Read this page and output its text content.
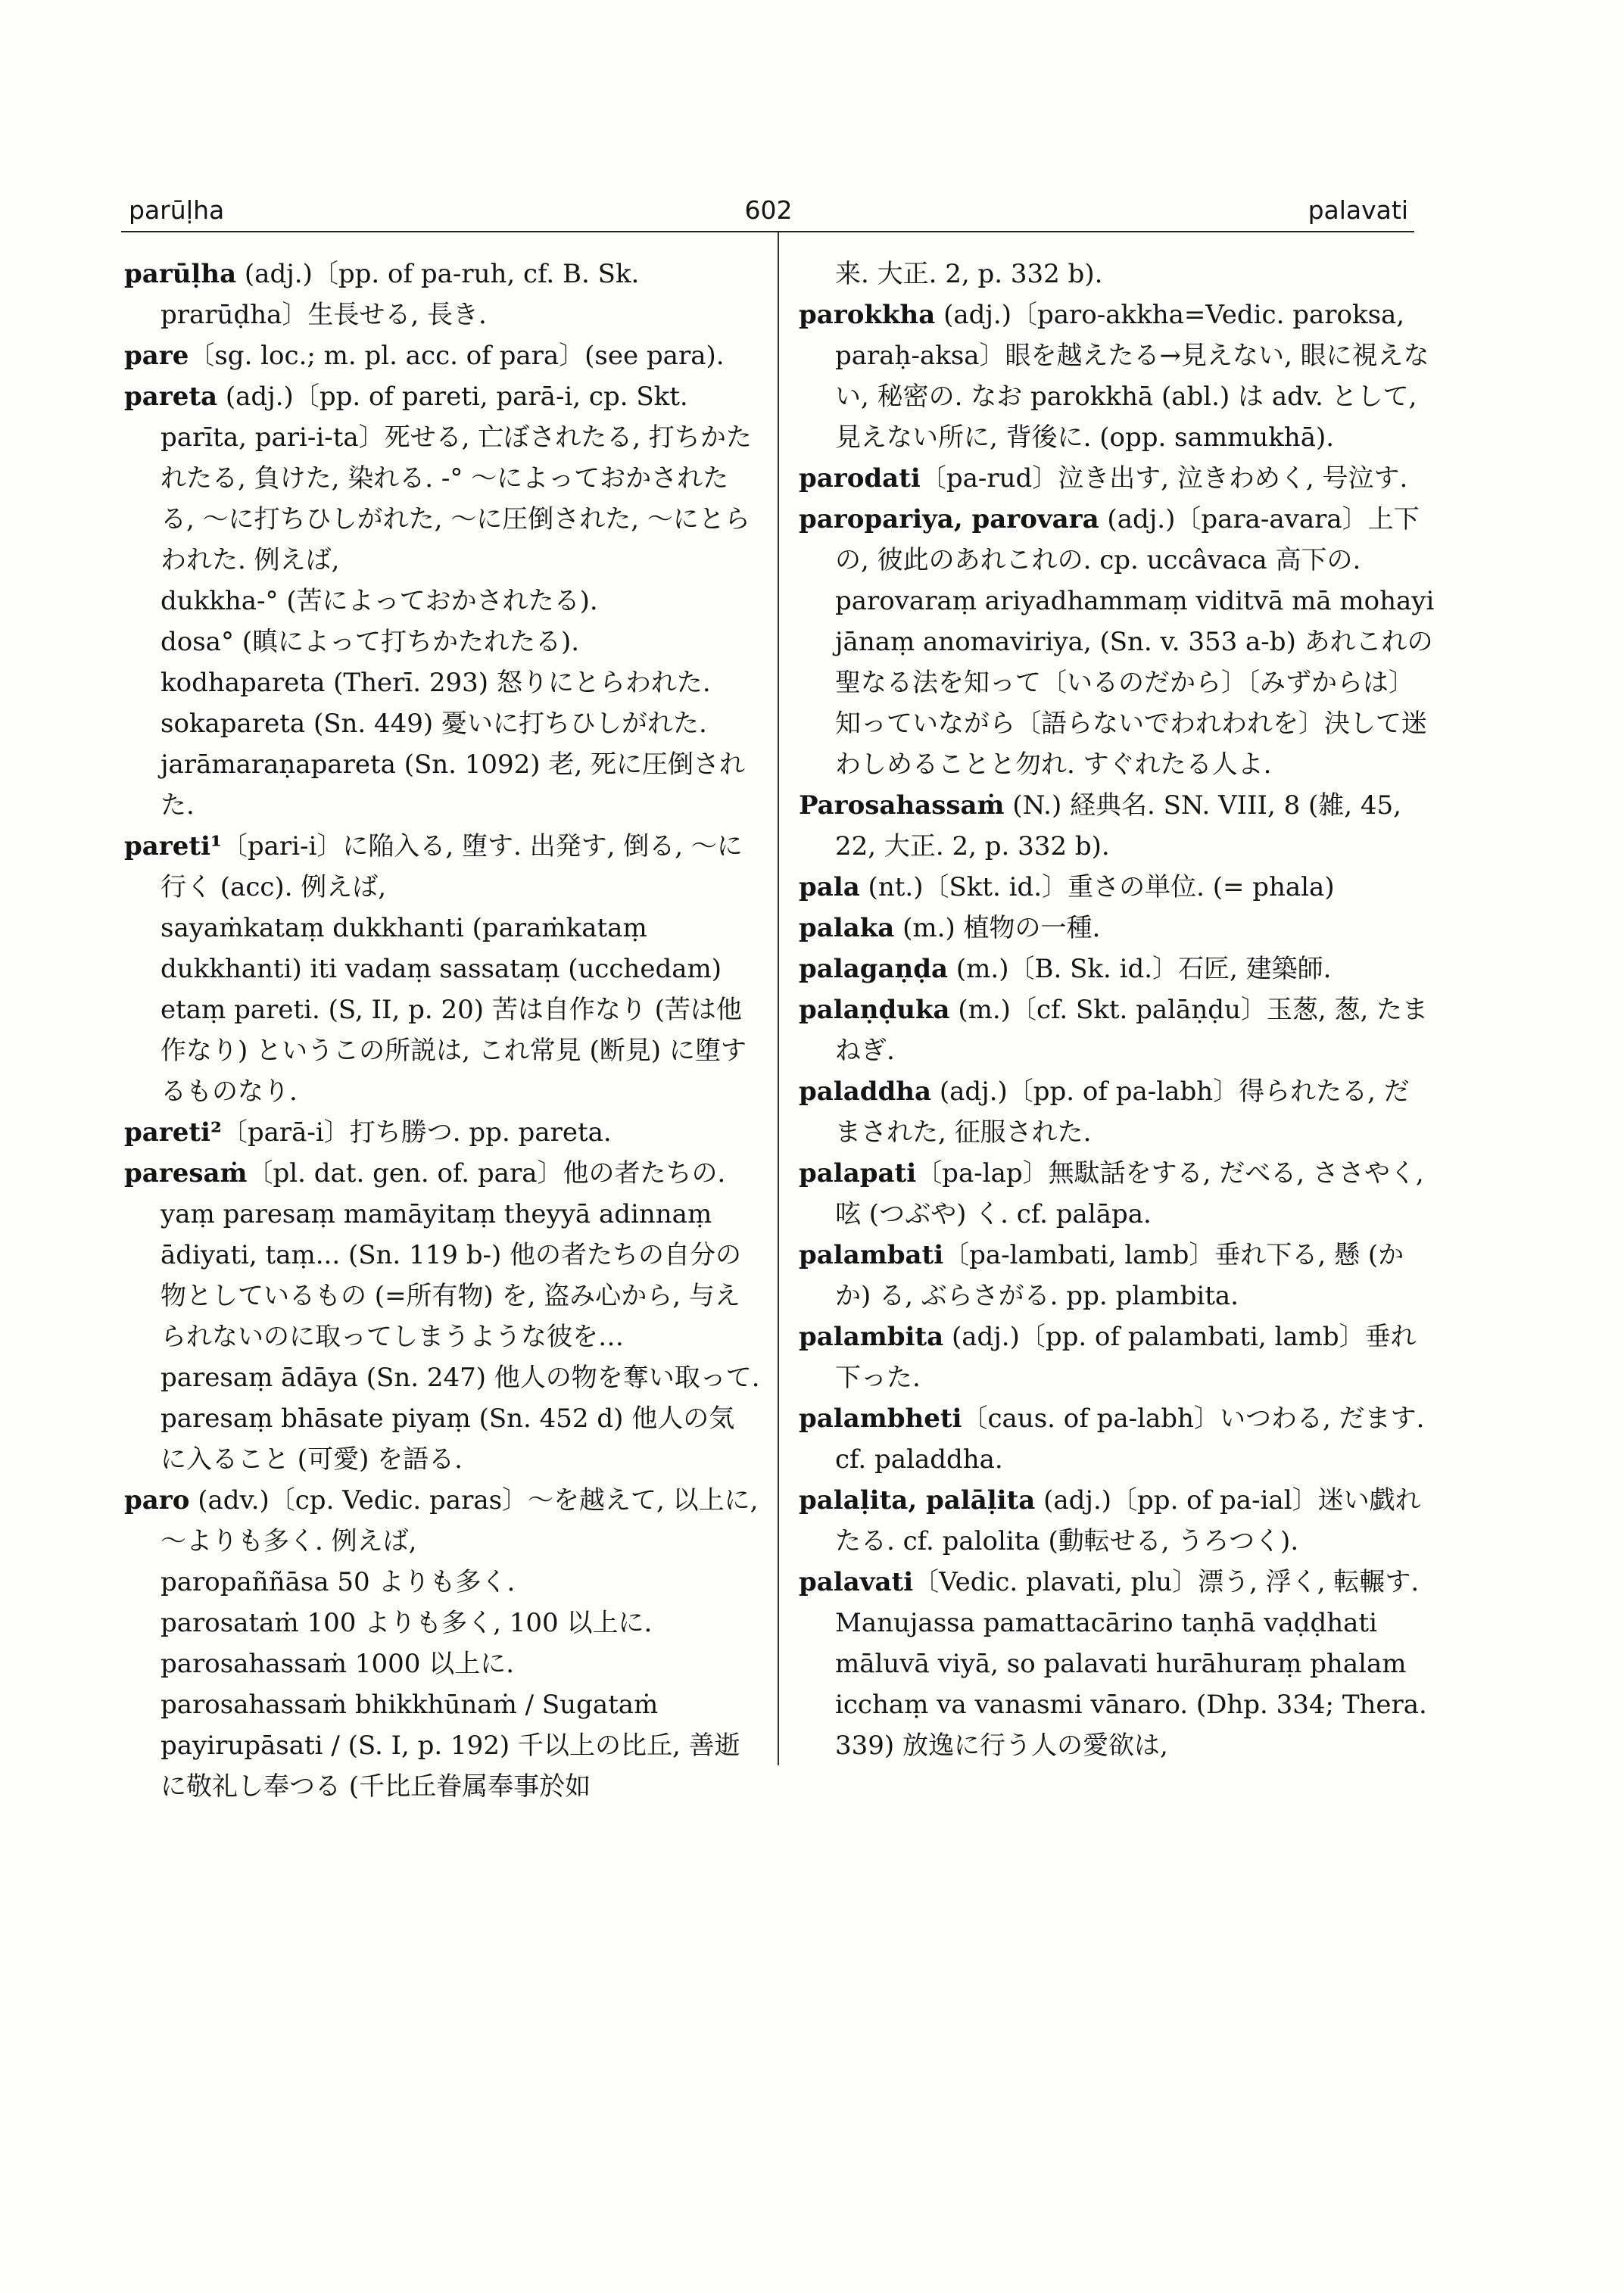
parūḷha	602	palavati

parūḷha (adj.)〔pp. of pa-ruh, cf. B. Sk. prarūḍha〕生長せる, 長き.

pare〔sg. loc.; m. pl. acc. of para〕(see para).

pareta (adj.)〔pp. of pareti, parā-i, cp. Skt. parīta, pari-i-ta〕死せる, 亡ぼされたる, 打ちかたれたる, 負けた, 染れる. -° ～によっておかされたる, ～に打ちひしがれた, ～に圧倒された, ～にとらわれた. 例えば,

dukkha-° (苦によっておかされたる).

dosa° (瞋によって打ちかたれたる).

kodhapareta (Therī. 293) 怒りにとらわれた.

sokapareta (Sn. 449) 憂いに打ちひしがれた.

jarāmaraṇapareta (Sn. 1092) 老, 死に圧倒された.

pareti¹〔pari-i〕に陥入る, 堕す. 出発す, 倒る, ～に行く (acc). 例えば,

sayaṁkataṃ dukkhanti (paraṁkataṃ dukkhanti) iti vadaṃ sassataṃ (ucchedam) etaṃ pareti. (S, II, p. 20) 苦は自作なり (苦は他作なり) というこの所説は, これ常見 (断見) に堕するものなり.

pareti²〔parā-i〕打ち勝つ. pp. pareta.

paresaṁ〔pl. dat. gen. of. para〕他の者たちの.

yaṃ paresaṃ mamāyitaṃ theyyā adinnaṃ ādiyati, taṃ... (Sn. 119 b-) 他の者たちの自分の物としているもの (=所有物) を, 盗み心から, 与えられないのに取ってしまうような彼を…

paresaṃ ādāya (Sn. 247) 他人の物を奪い取って.

paresaṃ bhāsate piyaṃ (Sn. 452 d) 他人の気に入ること (可愛) を語る.

paro (adv.)〔cp. Vedic. paras〕～を越えて, 以上に, ～よりも多く. 例えば,

paropaññāsa 50 よりも多く.

parosataṁ 100 よりも多く, 100 以上に.

parosahassaṁ 1000 以上に.

parosahassaṁ bhikkhūnaṁ / Sugataṁ payirupāsati / (S. I, p. 192) 千以上の比丘, 善逝に敬礼し奉つる (千比丘眷属奉事於如

来. 大正. 2, p. 332 b).

parokkha (adj.)〔paro-akkha=Vedic. paroksa, paraḥ-aksa〕眼を越えたる→見えない, 眼に視えない, 秘密の. なお parokkhā (abl.) は adv. として, 見えない所に, 背後に. (opp. sammukhā).

parodati〔pa-rud〕泣き出す, 泣きわめく, 号泣す.

paropariya, parovara (adj.)〔para-avara〕上下の, 彼此のあれこれの. cp. uccâvaca 高下の.

parovaraṃ ariyadhammaṃ viditvā mā mohayi jānaṃ anomaviriya, (Sn. v. 353 a-b) あれこれの聖なる法を知って〔いるのだから〕〔みずからは〕知っていながら〔語らないでわれわれを〕決して迷わしめることと勿れ. すぐれたる人よ.

Parosahassaṁ (N.) 経典名. SN. VIII, 8 (雑, 45, 22, 大正. 2, p. 332 b).

pala (nt.)〔Skt. id.〕重さの単位. (= phala)

palaka (m.) 植物の一種.

palagaṇḍa (m.)〔B. Sk. id.〕石匠, 建築師.

palaṇḍuka (m.)〔cf. Skt. palāṇḍu〕玉葱, 葱, たまねぎ.

paladdha (adj.)〔pp. of pa-labh〕得られたる, だまされた, 征服された.

palapati〔pa-lap〕無駄話をする, だべる, ささやく, 呟 (つぶや) く. cf. palāpa.

palambati〔pa-lambati, lamb〕垂れ下る, 懸 (かか) る, ぶらさがる. pp. plambita.

palambita (adj.)〔pp. of palambati, lamb〕垂れ下った.

palambheti〔caus. of pa-labh〕いつわる, だます. cf. paladdha.

palaḷita, palāḷita (adj.)〔pp. of pa-ial〕迷い戯れたる. cf. palolita (動転せる, うろつく).

palavati〔Vedic. plavati, plu〕漂う, 浮く, 転輾す.

Manujassa pamattacārino taṇhā vaḍḍhati māluvā viyā, so palavati hurāhuraṃ phalam icchaṃ va vanasmi vānaro. (Dhp. 334; Thera. 339) 放逸に行う人の愛欲は,
